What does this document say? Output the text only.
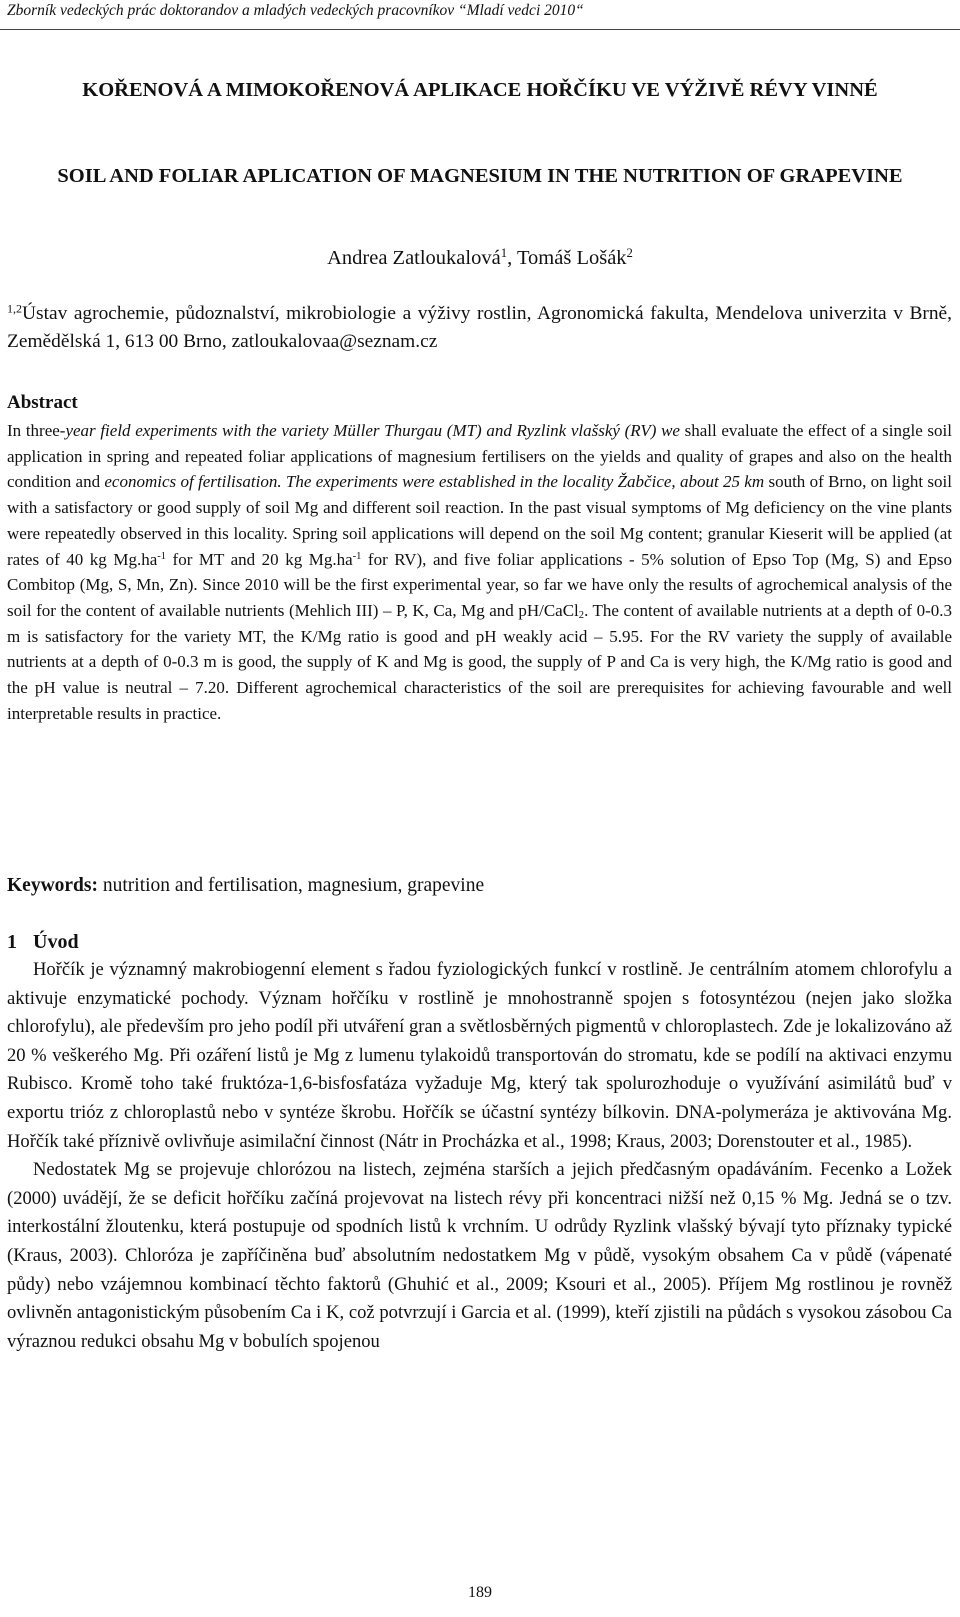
Zborník vedeckých prác doktorandov a mladých vedeckých pracovníkov “Mladí vedci 2010“
KOŘENOVÁ A MIMOKOŘENOVÁ APLIKACE HOŘČÍKU VE VÝŽIVĚ RÉVY VINNÉ
SOIL AND FOLIAR APLICATION OF MAGNESIUM IN THE NUTRITION OF GRAPEVINE
Andrea Zatloukalová$^1$, Tomáš Lošák$^2$
$^{1,2}$Ústav agrochemie, půdoznalství, mikrobiologie a výživy rostlin, Agronomická fakulta, Mendelova univerzita v Brně, Zemědělská 1, 613 00 Brno, zatloukalovaa@seznam.cz
Abstract
In three-year field experiments with the variety Müller Thurgau (MT) and Ryzlink vlašský (RV) we shall evaluate the effect of a single soil application in spring and repeated foliar applications of magnesium fertilisers on the yields and quality of grapes and also on the health condition and economics of fertilisation. The experiments were established in the locality Žabčice, about 25 km south of Brno, on light soil with a satisfactory or good supply of soil Mg and different soil reaction. In the past visual symptoms of Mg deficiency on the vine plants were repeatedly observed in this locality. Spring soil applications will depend on the soil Mg content; granular Kieserit will be applied (at rates of 40 kg $Mg.ha^{-1}$ for MT and 20 kg $Mg.ha^{-1}$ for RV), and five foliar applications - 5% solution of Epso Top (Mg, S) and Epso Combitop (Mg, S, Mn, Zn). Since 2010 will be the first experimental year, so far we have only the results of agrochemical analysis of the soil for the content of available nutrients (Mehlich III) – P, K, Ca, Mg and pH/CaCl$_2$. The content of available nutrients at a depth of 0-0.3 m is satisfactory for the variety MT, the K/Mg ratio is good and pH weakly acid – 5.95. For the RV variety the supply of available nutrients at a depth of 0-0.3 m is good, the supply of K and Mg is good, the supply of P and Ca is very high, the K/Mg ratio is good and the pH value is neutral – 7.20. Different agrochemical characteristics of the soil are prerequisites for achieving favourable and well interpretable results in practice.
Keywords: nutrition and fertilisation, magnesium, grapevine
1 Úvod

Hořčík je významný makrobiogenní element s řadou fyziologických funkcí v rostlině. Je centrálním atomem chlorofylu a aktivuje enzymatické pochody. Význam hořčíku v rostlině je mnohostranně spojen s fotosyntézou (nejen jako složka chlorofylu), ale především pro jeho podíl při utváření gran a světlosběrných pigmentů v chloroplastech. Zde je lokalizováno až 20 % veškerého Mg. Při ozáření listů je Mg z lumenu tylakoidů transportován do stromatu, kde se podílí na aktivaci enzymu Rubisco. Kromě toho také fruktóza-1,6-bisfosfatáza vyžaduje Mg, který tak spolurozhoduje o využívání asimilátů buď v exportu trióz z chloroplastů nebo v syntéze škrobu. Hořčík se účastní syntézy bílkovin. DNA-polymeráza je aktivována Mg. Hořčík také příznivě ovlivňuje asimilační činnost (Nátr in Procházka et al., 1998; Kraus, 2003; Dorenstouter et al., 1985).

Nedostatek Mg se projevuje chlorózou na listech, zejména starších a jejich předčasným opadáváním. Fecenko a Ložek (2000) uvádějí, že se deficit hořčíku začíná projevovat na listech révy při koncentraci nižší než 0,15 % Mg. Jedná se o tzv. interkostální žloutenku, která postupuje od spodních listů k vrchním. U odrůdy Ryzlink vlašský bývají tyto příznaky typické (Kraus, 2003). Chloróza je zapříčiněna buď absolutním nedostatkem Mg v půdě, vysokým obsahem Ca v půdě (vápenaté půdy) nebo vzájemnou kombinací těchto faktorů (Ghuhić et al., 2009; Ksouri et al., 2005). Příjem Mg rostlinou je rovněž ovlivněn antagonistickým působením Ca i K, což potvrzují i Garcia et al. (1999), kteří zjistili na půdách s vysokou zásobou Ca výraznou redukci obsahu Mg v bobulích spojenou

189
